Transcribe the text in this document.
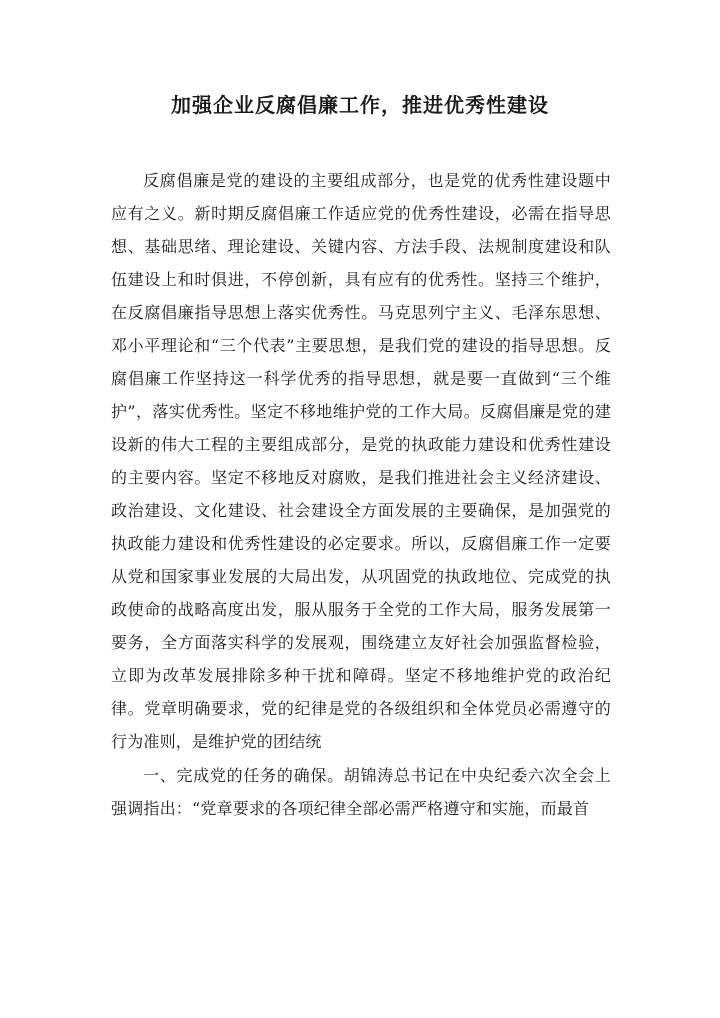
加强企业反腐倡廉工作，推进优秀性建设

反腐倡廉是党的建设的主要组成部分，也是党的优秀性建设题中应有之义。新时期反腐倡廉工作适应党的优秀性建设，必需在指导思想、基础思绪、理论建设、关键内容、方法手段、法规制度建设和队伍建设上和时俱进，不停创新，具有应有的优秀性。坚持三个维护，在反腐倡廉指导思想上落实优秀性。马克思列宁主义、毛泽东思想、邓小平理论和“三个代表”主要思想，是我们党的建设的指导思想。反腐倡廉工作坚持这一科学优秀的指导思想，就是要一直做到“三个维护”，落实优秀性。坚定不移地维护党的工作大局。反腐倡廉是党的建设新的伟大工程的主要组成部分，是党的执政能力建设和优秀性建设的主要内容。坚定不移地反对腐败，是我们推进社会主义经济建设、政治建设、文化建设、社会建设全方面发展的主要确保，是加强党的执政能力建设和优秀性建设的必定要求。所以，反腐倡廉工作一定要从党和国家事业发展的大局出发，从巩固党的执政地位、完成党的执政使命的战略高度出发，服从服务于全党的工作大局，服务发展第一要务，全方面落实科学的发展观，围绕建立友好社会加强监督检验，立即为改革发展排除多种干扰和障碍。坚定不移地维护党的政治纪律。党章明确要求，党的纪律是党的各级组织和全体党员必需遵守的行为准则，是维护党的团结统

一、完成党的任务的确保。胡锦涛总书记在中央纪委六次全会上强调指出：“党章要求的各项纪律全部必需严格遵守和实施，而最首
